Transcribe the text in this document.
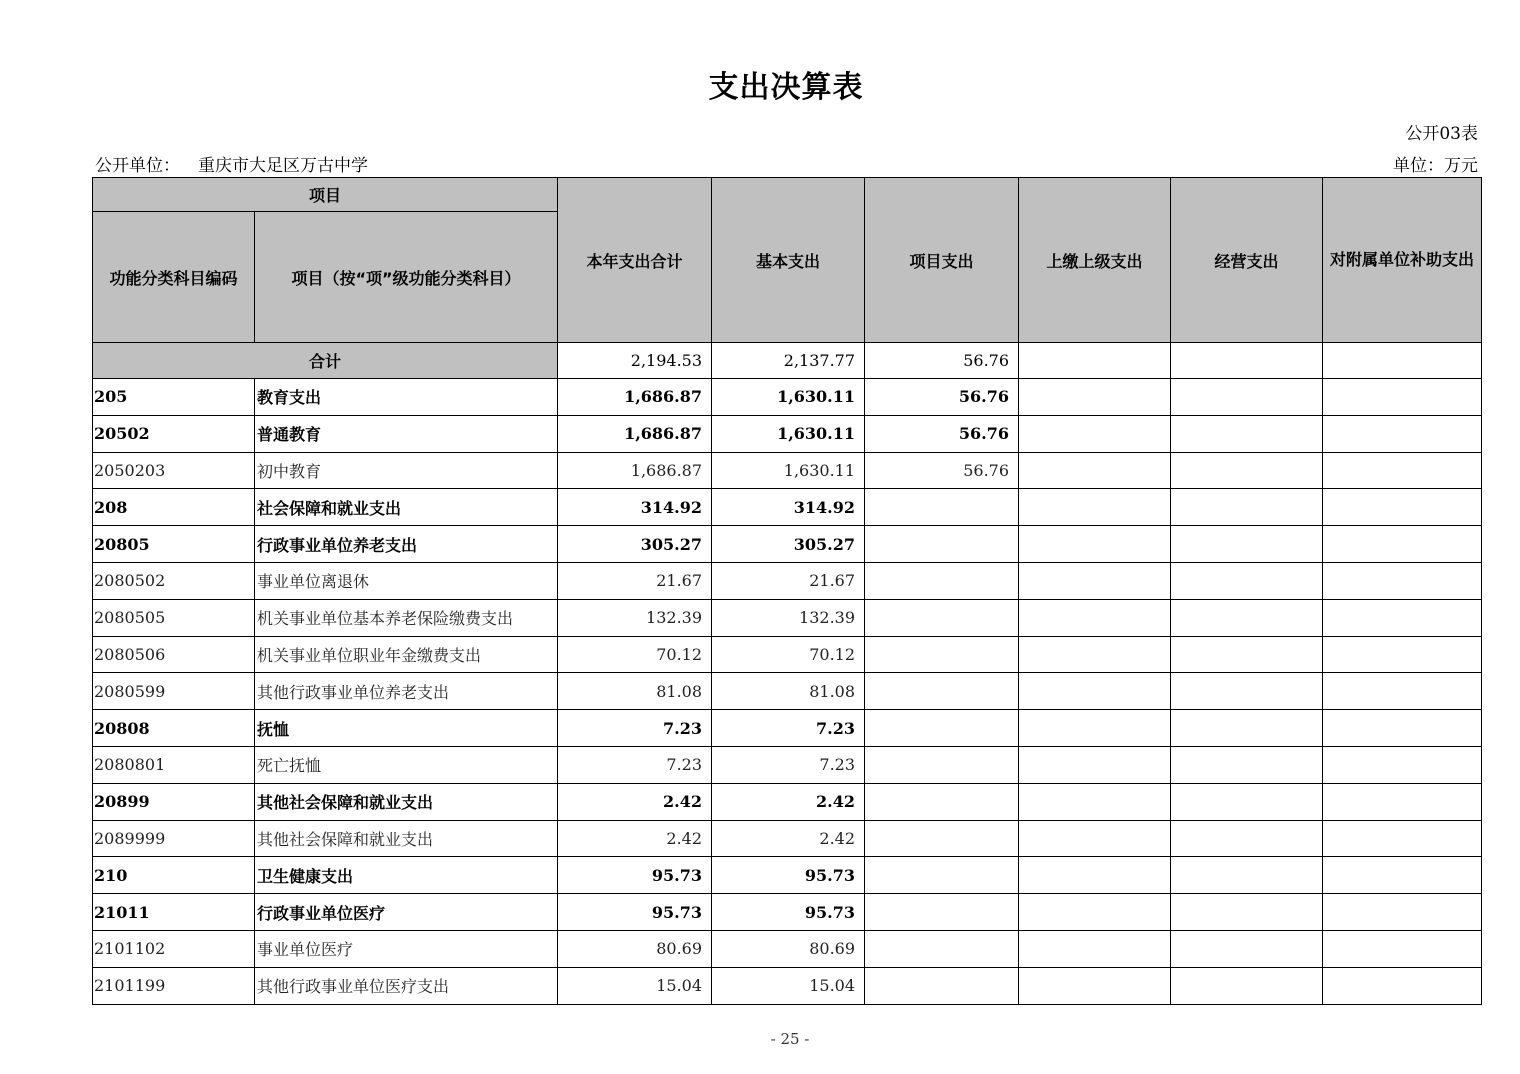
支出决算表
公开03表
公开单位： 重庆市大足区万古中学	单位：万元
项目		本年支出合计	基本支出	项目支出	上缴上级支出	经营支出	对附属单位补助支出
功能分类科目编码	项目（按“项”级功能分类科目）						
合计		2,194.53	2,137.77	56.76			
205	教育支出	1,686.87	1,630.11	56.76			
20502	普通教育	1,686.87	1,630.11	56.76			
2050203	初中教育	1,686.87	1,630.11	56.76			
208	社会保障和就业支出	314.92	314.92				
20805	行政事业单位养老支出	305.27	305.27				
2080502	事业单位离退休	21.67	21.67				
2080505	机关事业单位基本养老保险缴费支出	132.39	132.39				
2080506	机关事业单位职业年金缴费支出	70.12	70.12				
2080599	其他行政事业单位养老支出	81.08	81.08				
20808	抚恤	7.23	7.23				
2080801	死亡抚恤	7.23	7.23				
20899	其他社会保障和就业支出	2.42	2.42				
2089999	其他社会保障和就业支出	2.42	2.42				
210	卫生健康支出	95.73	95.73				
21011	行政事业单位医疗	95.73	95.73				
2101102	事业单位医疗	80.69	80.69				
2101199	其他行政事业单位医疗支出	15.04	15.04				
- 25 -
